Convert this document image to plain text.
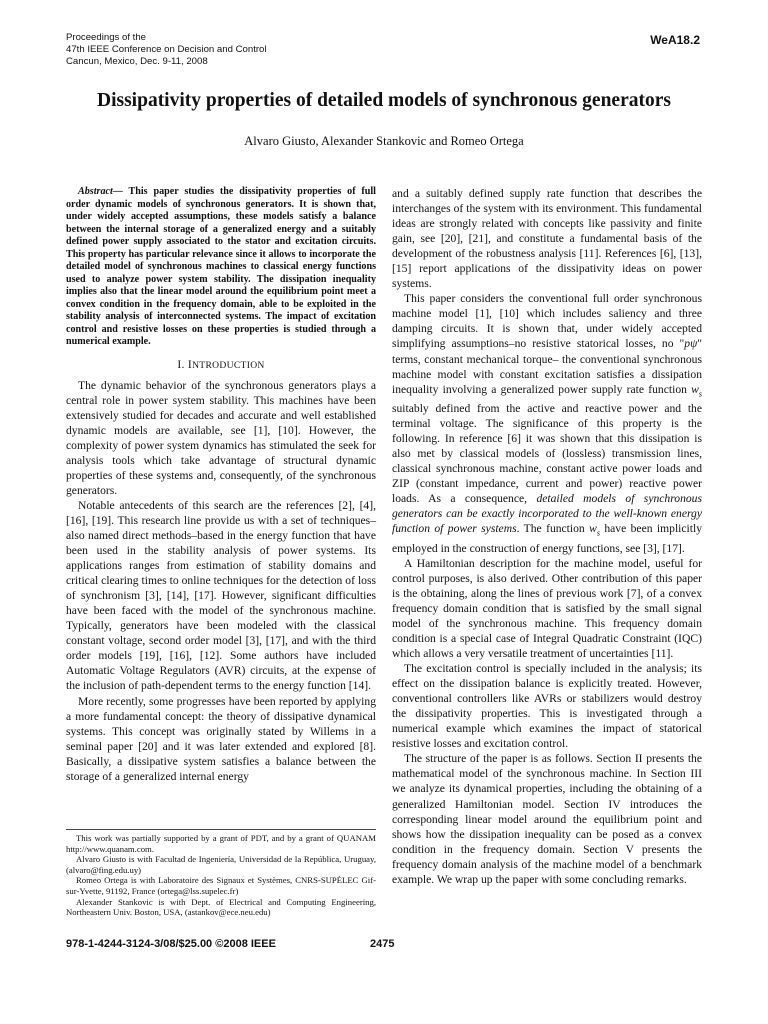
Proceedings of the
47th IEEE Conference on Decision and Control
Cancun, Mexico, Dec. 9-11, 2008
WeA18.2
Dissipativity properties of detailed models of synchronous generators
Alvaro Giusto, Alexander Stankovic and Romeo Ortega

Abstract— This paper studies the dissipativity properties of full order dynamic models of synchronous generators. It is shown that, under widely accepted assumptions, these models satisfy a balance between the internal storage of a generalized energy and a suitably defined power supply associated to the stator and excitation circuits. This property has particular relevance since it allows to incorporate the detailed model of synchronous machines to classical energy functions used to analyze power system stability. The dissipation inequality implies also that the linear model around the equilibrium point meet a convex condition in the frequency domain, able to be exploited in the stability analysis of interconnected systems. The impact of excitation control and resistive losses on these properties is studied through a numerical example.

I. INTRODUCTION

The dynamic behavior of the synchronous generators plays a central role in power system stability. This machines have been extensively studied for decades and accurate and well established dynamic models are available, see [1], [10]. However, the complexity of power system dynamics has stimulated the seek for analysis tools which take advantage of structural dynamic properties of these systems and, consequently, of the synchronous generators.

Notable antecedents of this search are the references [2], [4], [16], [19]. This research line provide us with a set of techniques– also named direct methods–based in the energy function that have been used in the stability analysis of power systems. Its applications ranges from estimation of stability domains and critical clearing times to online techniques for the detection of loss of synchronism [3], [14], [17]. However, significant difficulties have been faced with the model of the synchronous machine. Typically, generators have been modeled with the classical constant voltage, second order model [3], [17], and with the third order models [19], [16], [12]. Some authors have included Automatic Voltage Regulators (AVR) circuits, at the expense of the inclusion of path-dependent terms to the energy function [14].

More recently, some progresses have been reported by applying a more fundamental concept: the theory of dissipative dynamical systems. This concept was originally stated by Willems in a seminal paper [20] and it was later extended and explored [8]. Basically, a dissipative system satisfies a balance between the storage of a generalized internal energy

This work was partially supported by a grant of PDT, and by a grant of QUANAM http://www.quanam.com.

Alvaro Giusto is with Facultad de Ingeniería, Universidad de la República, Uruguay, (alvaro@fing.edu.uy)

Romeo Ortega is with Laboratoire des Signaux et Systèmes, CNRS-SUPÉLEC Gif-sur-Yvette, 91192, France (ortega@lss.supelec.fr)

Alexander Stankovic is with Dept. of Electrical and Computing Engineering, Northeastern Univ. Boston, USA, (astankov@ece.neu.edu)

and a suitably defined supply rate function that describes the interchanges of the system with its environment. This fundamental ideas are strongly related with concepts like passivity and finite gain, see [20], [21], and constitute a fundamental basis of the development of the robustness analysis [11]. References [6], [13], [15] report applications of the dissipativity ideas on power systems.

This paper considers the conventional full order synchronous machine model [1], [10] which includes saliency and three damping circuits. It is shown that, under widely accepted simplifying assumptions–no resistive statorical losses, no "pψ" terms, constant mechanical torque– the conventional synchronous machine model with constant excitation satisfies a dissipation inequality involving a generalized power supply rate function $w_s$ suitably defined from the active and reactive power and the terminal voltage. The significance of this property is the following. In reference [6] it was shown that this dissipation is also met by classical models of (lossless) transmission lines, classical synchronous machine, constant active power loads and ZIP (constant impedance, current and power) reactive power loads. As a consequence, detailed models of synchronous generators can be exactly incorporated to the well-known energy function of power systems. The function $w_s$ have been implicitly employed in the construction of energy functions, see [3], [17].

A Hamiltonian description for the machine model, useful for control purposes, is also derived. Other contribution of this paper is the obtaining, along the lines of previous work [7], of a convex frequency domain condition that is satisfied by the small signal model of the synchronous machine. This frequency domain condition is a special case of Integral Quadratic Constraint (IQC) which allows a very versatile treatment of uncertainties [11].

The excitation control is specially included in the analysis; its effect on the dissipation balance is explicitly treated. However, conventional controllers like AVRs or stabilizers would destroy the dissipativity properties. This is investigated through a numerical example which examines the impact of statorical resistive losses and excitation control.

The structure of the paper is as follows. Section II presents the mathematical model of the synchronous machine. In Section III we analyze its dynamical properties, including the obtaining of a generalized Hamiltonian model. Section IV introduces the corresponding linear model around the equilibrium point and shows how the dissipation inequality can be posed as a convex condition in the frequency domain. Section V presents the frequency domain analysis of the machine model of a benchmark example. We wrap up the paper with some concluding remarks.

978-1-4244-3124-3/08/$25.00 ©2008 IEEE	2475
